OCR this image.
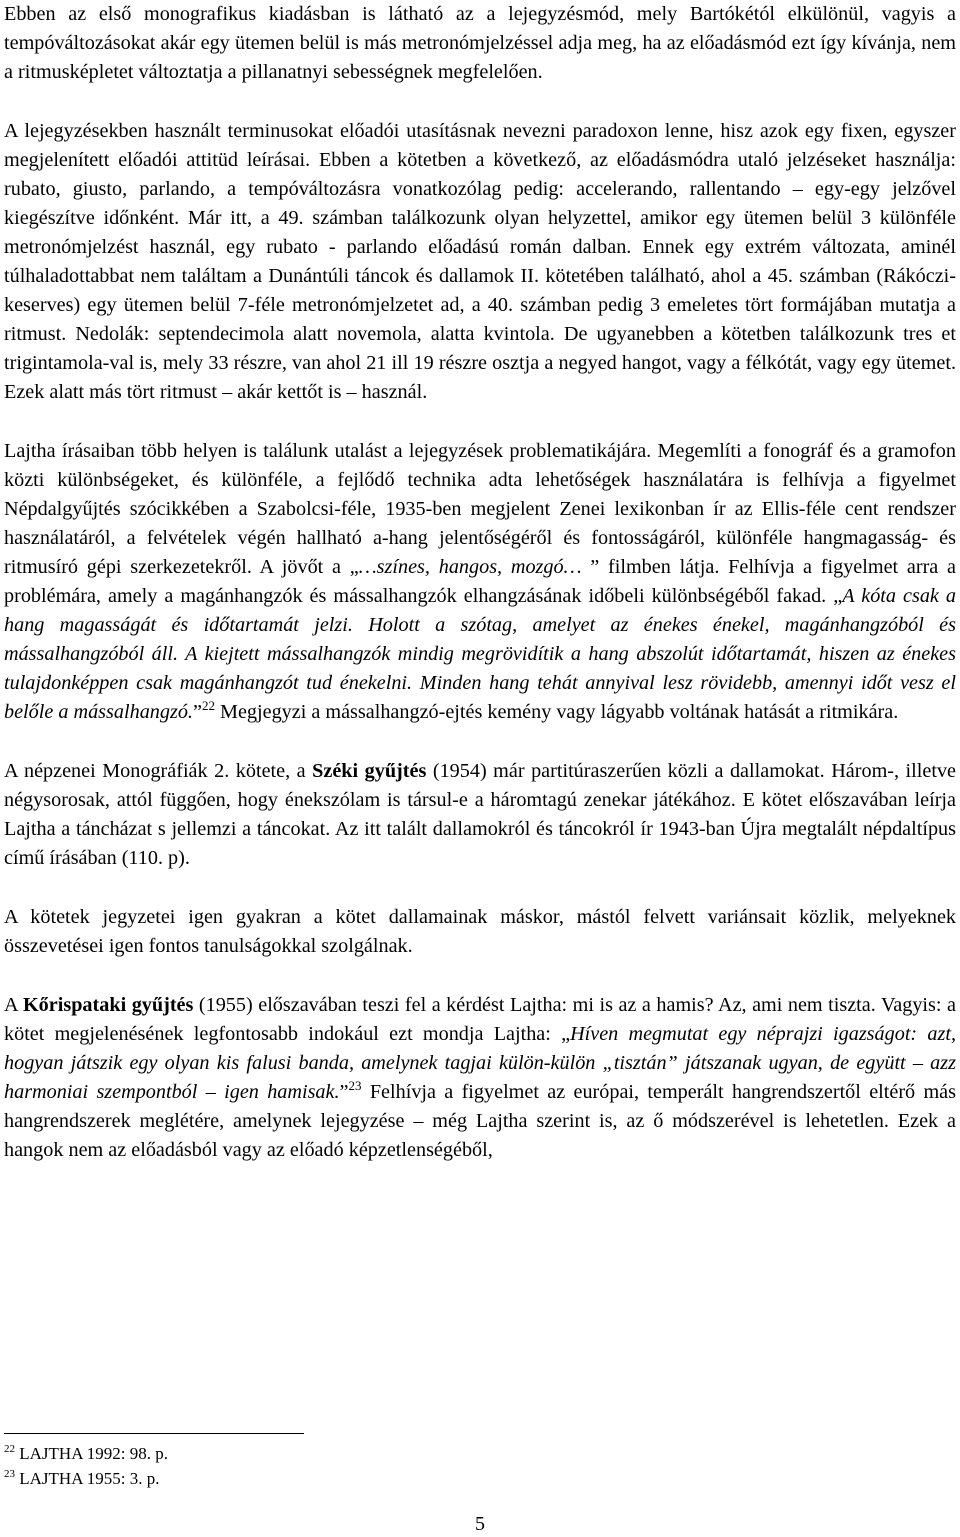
Ebben az első monografikus kiadásban is látható az a lejegyzésmód, mely Bartókétól elkülönül, vagyis a tempóváltozásokat akár egy ütemen belül is más metronómjelzéssel adja meg, ha az előadásmód ezt így kívánja, nem a ritmusképletet változtatja a pillanatnyi sebességnek megfelelően.

A lejegyzésekben használt terminusokat előadói utasításnak nevezni paradoxon lenne, hisz azok egy fixen, egyszer megjelenített előadói attitüd leírásai. Ebben a kötetben a következő, az előadásmódra utaló jelzéseket használja: rubato, giusto, parlando, a tempóváltozásra vonatkozólag pedig: accelerando, rallentando – egy-egy jelzővel kiegészítve időnként. Már itt, a 49. számban találkozunk olyan helyzettel, amikor egy ütemen belül 3 különféle metronómjelzést használ, egy rubato - parlando előadású román dalban. Ennek egy extrém változata, aminél túlhaladottabbat nem találtam a Dunántúli táncok és dallamok II. kötetében található, ahol a 45. számban (Rákóczi-keserves) egy ütemen belül 7-féle metronómjelzetet ad, a 40. számban pedig 3 emeletes tört formájában mutatja a ritmust. Nedolák: septendecimola alatt novemola, alatta kvintola. De ugyanebben a kötetben találkozunk tres et trigintamola-val is, mely 33 részre, van ahol 21 ill 19 részre osztja a negyed hangot, vagy a félkótát, vagy egy ütemet. Ezek alatt más tört ritmust – akár kettőt is – használ.

Lajtha írásaiban több helyen is találunk utalást a lejegyzések problematikájára. Megemlíti a fonográf és a gramofon közti különbségeket, és különféle, a fejlődő technika adta lehetőségek használatára is felhívja a figyelmet Népdalgyűjtés szócikkében a Szabolcsi-féle, 1935-ben megjelent Zenei lexikonban ír az Ellis-féle cent rendszer használatáról, a felvételek végén hallható a-hang jelentőségéről és fontosságáról, különféle hangmagasság- és ritmusíró gépi szerkezetekről. A jövőt a „…színes, hangos, mozgó… ” filmben látja. Felhívja a figyelmet arra a problémára, amely a magánhangzók és mássalhangzók elhangzásának időbeli különbségéből fakad. „A kóta csak a hang magasságát és időtartamát jelzi. Holott a szótag, amelyet az énekes énekel, magánhangzóból és mássalhangzóból áll. A kiejtett mássalhangzók mindig megrövidítik a hang abszolút időtartamát, hiszen az énekes tulajdonképpen csak magánhangzót tud énekelni. Minden hang tehát annyival lesz rövidebb, amennyi időt vesz el belőle a mássalhangzó.”$^{22}$ Megjegyzi a mássalhangzó-ejtés kemény vagy lágyabb voltának hatását a ritmikára.

A népzenei Monográfiák 2. kötete, a Széki gyűjtés (1954) már partitúraszerűen közli a dallamokat. Három-, illetve négysorosak, attól függően, hogy énekszólam is társul-e a háromtagú zenekar játékához. E kötet előszavában leírja Lajtha a táncházat s jellemzi a táncokat. Az itt talált dallamokról és táncokról ír 1943-ban Újra megtalált népdaltípus című írásában (110. p).

A kötetek jegyzetei igen gyakran a kötet dallamainak máskor, mástól felvett variánsait közlik, melyeknek összevetései igen fontos tanulságokkal szolgálnak.

A Kőrispataki gyűjtés (1955) előszavában teszi fel a kérdést Lajtha: mi is az a hamis? Az, ami nem tiszta. Vagyis: a kötet megjelenésének legfontosabb indokául ezt mondja Lajtha: „Híven megmutat egy néprajzi igazságot: azt, hogyan játszik egy olyan kis falusi banda, amelynek tagjai külön-külön „tisztán” játszanak ugyan, de együtt – azz harmoniai szempontból – igen hamisak.”$^{23}$ Felhívja a figyelmet az európai, temperált hangrendszertől eltérő más hangrendszerek meglétére, amelynek lejegyzése – még Lajtha szerint is, az ő módszerével is lehetetlen. Ezek a hangok nem az előadásból vagy az előadó képzetlenségéből,

$^{22}$ LAJTHA 1992: 98. p.
$^{23}$ LAJTHA 1955: 3. p.
5
